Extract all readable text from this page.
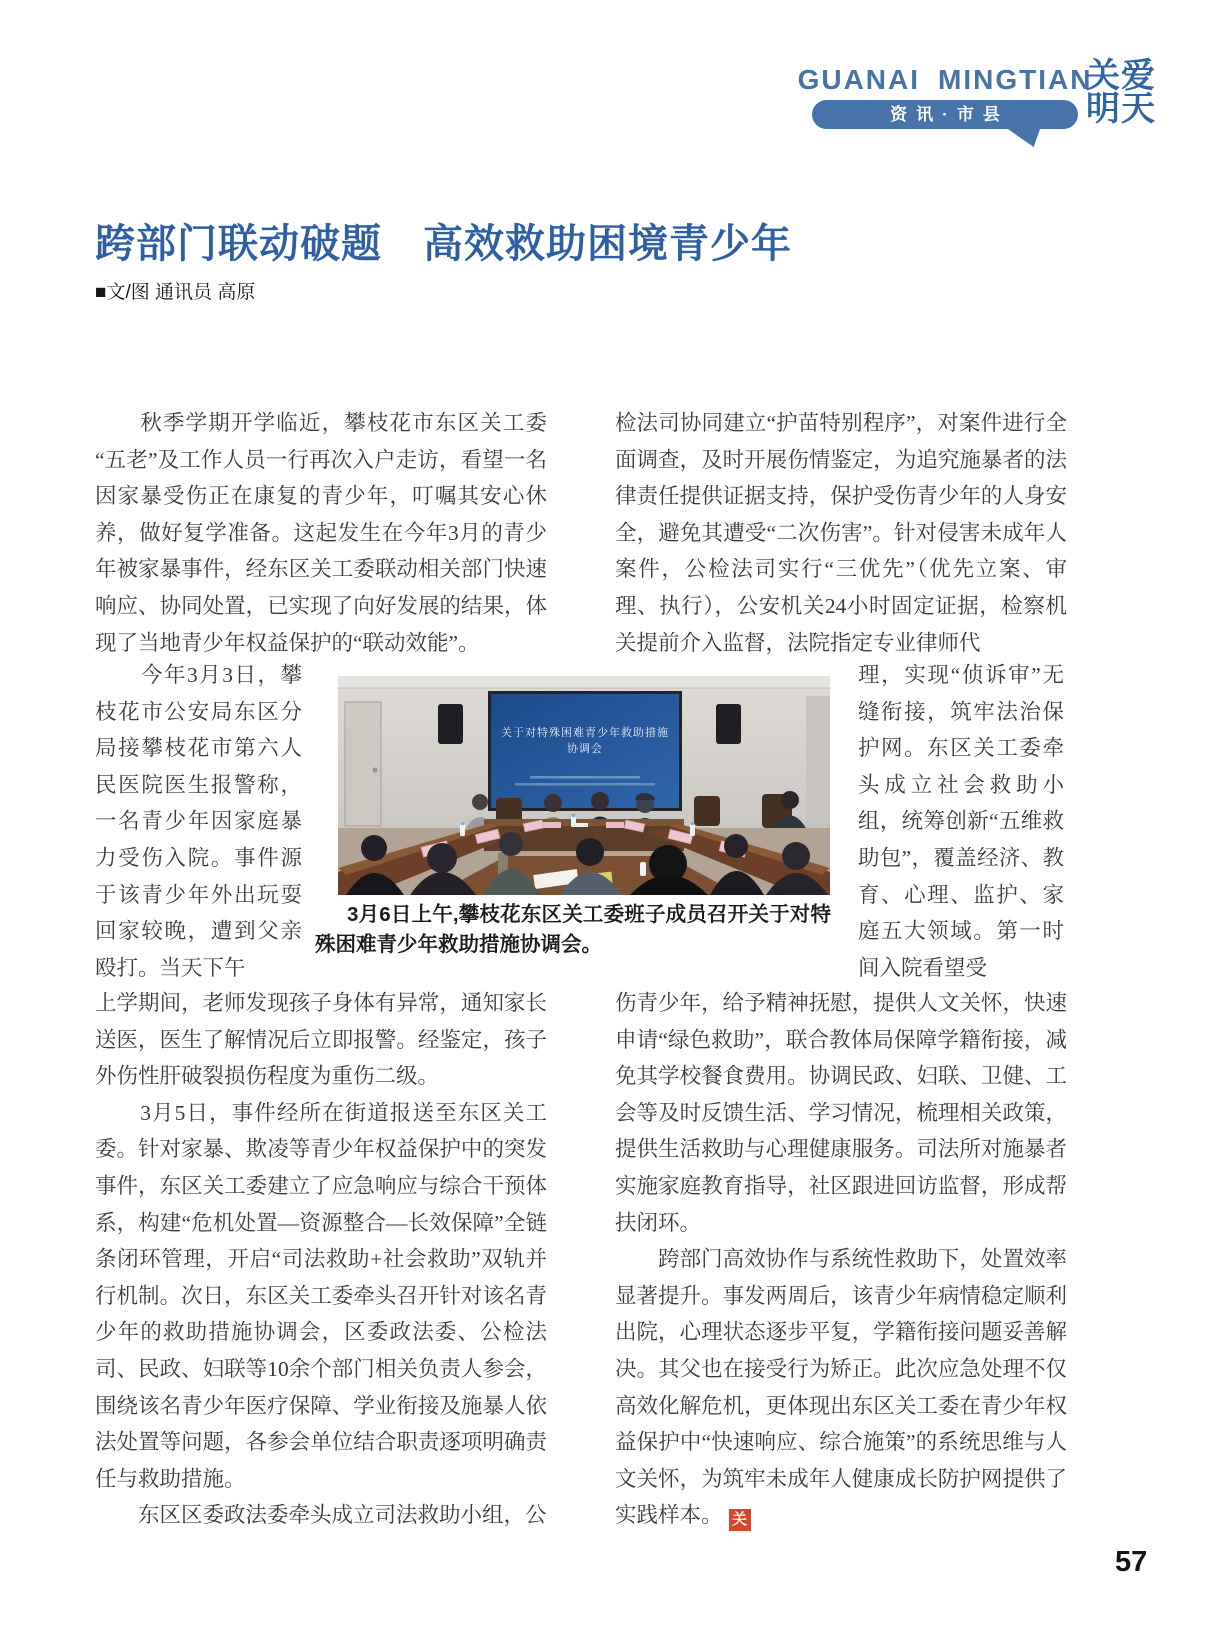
GUANAI MINGTIAN
资讯·市县
关爱
明天
跨部门联动破题　高效救助困境青少年
■文/图 通讯员 高原

　　秋季学期开学临近，攀枝花市东区关工委“五老”及工作人员一行再次入户走访，看望一名因家暴受伤正在康复的青少年，叮嘱其安心休养，做好复学准备。这起发生在今年3月的青少年被家暴事件，经东区关工委联动相关部门快速响应、协同处置，已实现了向好发展的结果，体现了当地青少年权益保护的“联动效能”。

　　今年3月3日，攀枝花市公安局东区分局接攀枝花市第六人民医院医生报警称，一名青少年因家庭暴力受伤入院。事件源于该青少年外出玩耍回家较晚，遭到父亲殴打。当天下午

上学期间，老师发现孩子身体有异常，通知家长送医，医生了解情况后立即报警。经鉴定，孩子外伤性肝破裂损伤程度为重伤二级。

　　3月5日，事件经所在街道报送至东区关工委。针对家暴、欺凌等青少年权益保护中的突发事件，东区关工委建立了应急响应与综合干预体系，构建“危机处置—资源整合—长效保障”全链条闭环管理，开启“司法救助+社会救助”双轨并行机制。次日，东区关工委牵头召开针对该名青少年的救助措施协调会，区委政法委、公检法司、民政、妇联等10余个部门相关负责人参会，围绕该名青少年医疗保障、学业衔接及施暴人依法处置等问题，各参会单位结合职责逐项明确责任与救助措施。

　　东区区委政法委牵头成立司法救助小组，公

关于对特殊困难青少年救助措施
协调会
3月6日上午,攀枝花东区关工委班子成员召开关于对特殊困难青少年救助措施协调会。

检法司协同建立“护苗特别程序”，对案件进行全面调查，及时开展伤情鉴定，为追究施暴者的法律责任提供证据支持，保护受伤青少年的人身安全，避免其遭受“二次伤害”。针对侵害未成年人案件，公检法司实行“三优先”（优先立案、审理、执行），公安机关24小时固定证据，检察机关提前介入监督，法院指定专业律师代

理，实现“侦诉审”无缝衔接，筑牢法治保护网。东区关工委牵头成立社会救助小组，统筹创新“五维救助包”，覆盖经济、教育、心理、监护、家庭五大领域。第一时间入院看望受

伤青少年，给予精神抚慰，提供人文关怀，快速申请“绿色救助”，联合教体局保障学籍衔接，减免其学校餐食费用。协调民政、妇联、卫健、工会等及时反馈生活、学习情况，梳理相关政策，提供生活救助与心理健康服务。司法所对施暴者实施家庭教育指导，社区跟进回访监督，形成帮扶闭环。

　　跨部门高效协作与系统性救助下，处置效率显著提升。事发两周后，该青少年病情稳定顺利出院，心理状态逐步平复，学籍衔接问题妥善解决。其父也在接受行为矫正。此次应急处理不仅高效化解危机，更体现出东区关工委在青少年权益保护中“快速响应、综合施策”的系统思维与人文关怀，为筑牢未成年人健康成长防护网提供了实践样本。 关

57
